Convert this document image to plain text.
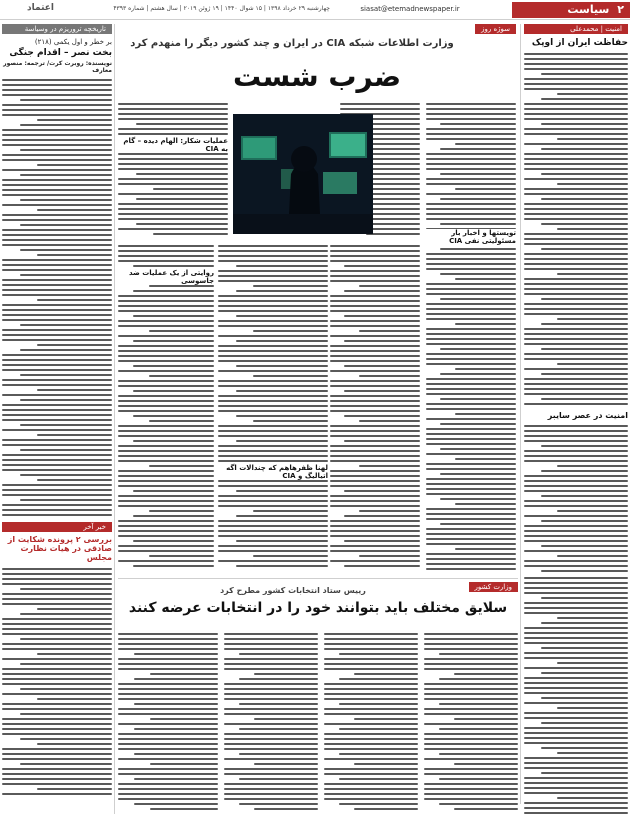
۲
سیاست
siasat@etemadnewspaper.ir
چهارشنبه ۲۹ خرداد ۱۳۹۸ | ۱۵ شوال ۱۴۴۰ | ۱۹ ژوئن ۲۰۱۹ | سال هشتم | شماره ۴۳۹۳
اعتماد
امنیت | محمدعلی
حفاظت ایران از اوپک
امنیت در عصر سایبر
سوژه روز
وزارت اطلاعات شبکه CIA در ایران و چند کشور دیگر را منهدم کرد
ضرب شست
تویستها و اخبار بار مسئولیتی نفی CIA
روایتی از یک عملیات ضد جاسوسی
عملیات شکار: الهام دیده – گام به CIA
لهنا ظفرهاهم که چندالات اگه اتیالیگ و CIA
تاریخچه تروریزم در وسیاسة
بر خطر و اول یکمی (۲۱۸)
بخت نصر – اقدام جنگی
نویسنده: روبرت کرت/ ترجمه: منصور معارف
خبر آخر
بررسی ۲ پرونده شکایت از صادقی در هیات نظارت مجلس
وزارت کشور
رییس ستاد انتخابات کشور مطرح کرد
سلایق مختلف باید بتوانند خود را در انتخابات عرضه کنند
